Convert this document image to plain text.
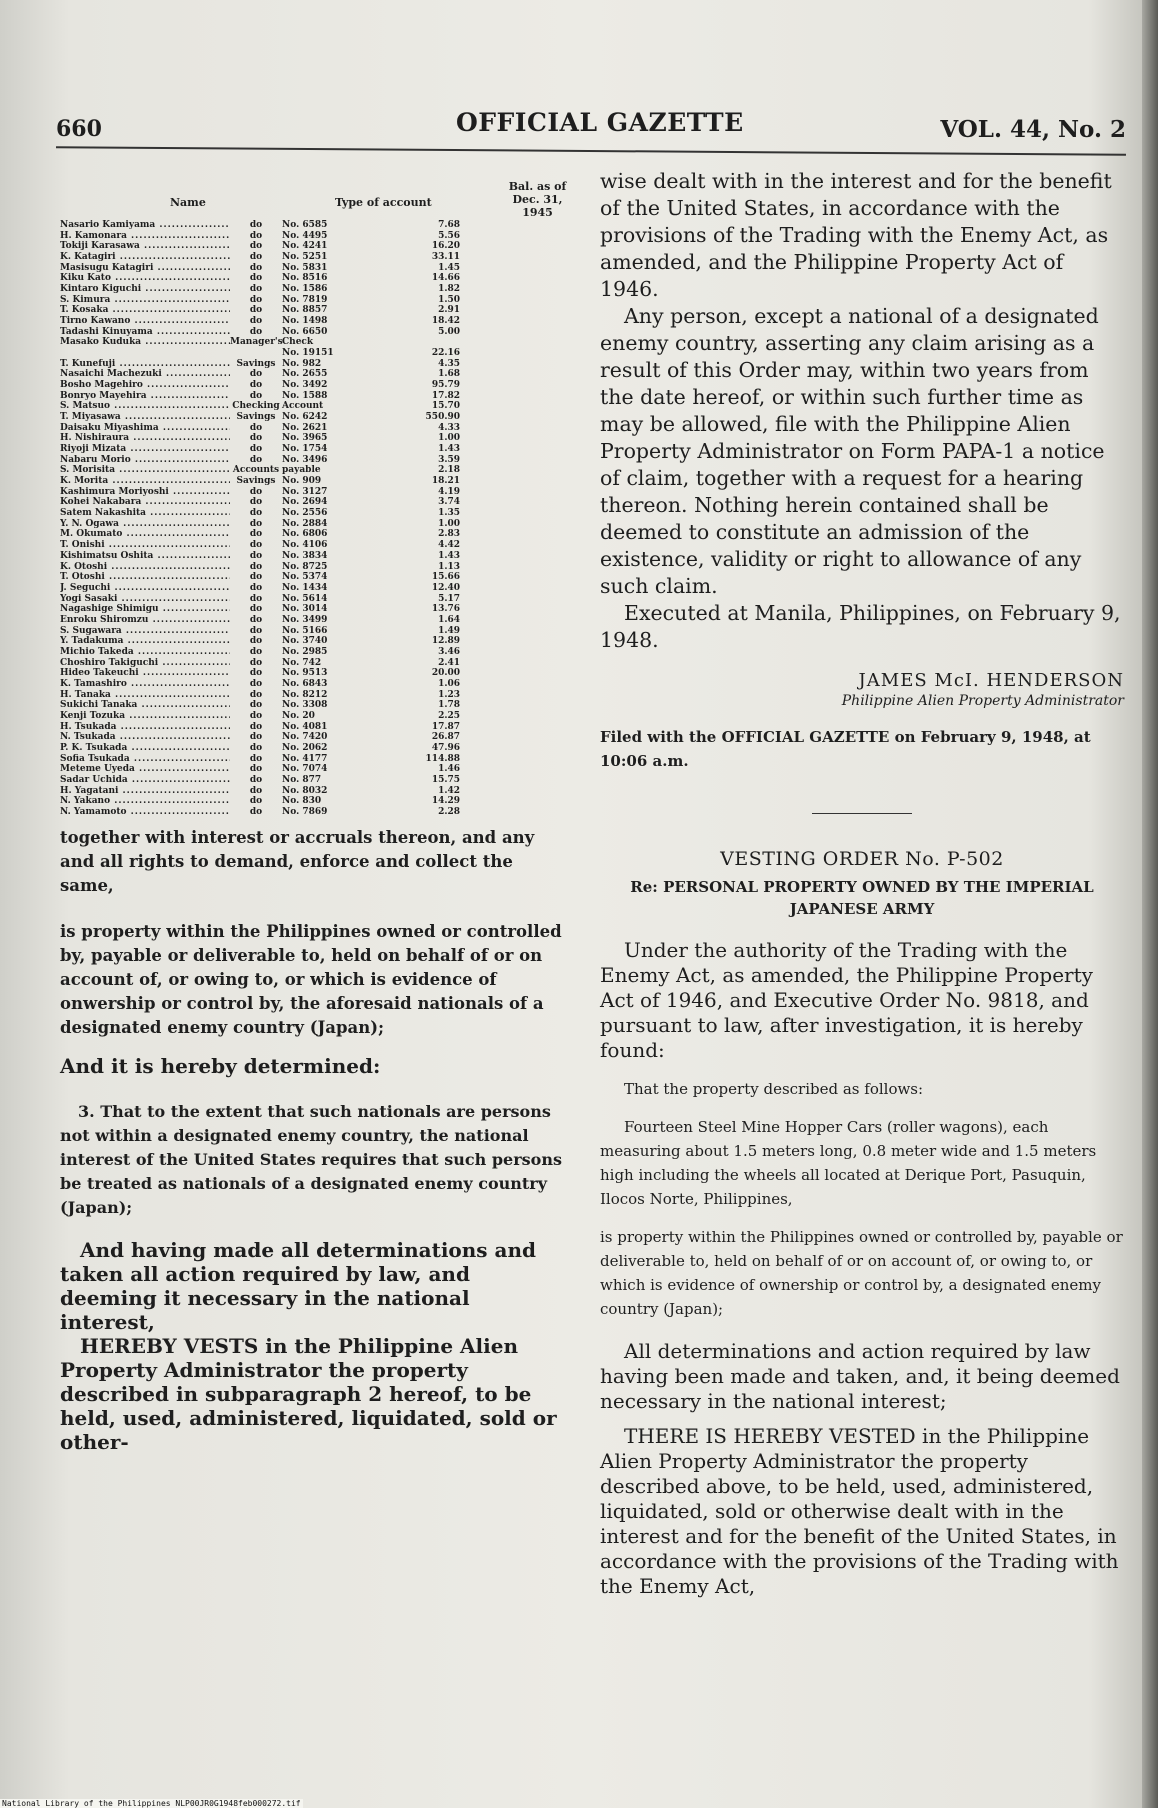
660	OFFICIAL GAZETTE	VOL. 44, No. 2
Name	Type of account
Bal. as of Dec. 31, 1945
Nasario Kamiyama .....	do	No. 6585	7.68
H. Kamonara .....	do	No. 4495	5.56
Tokiji Karasawa .....	do	No. 4241	16.20
K. Katagiri .....	do	No. 5251	33.11
Masisugu Katagiri .....	do	No. 5831	1.45
Kiku Kato .....	do	No. 8516	14.66
Kintaro Kiguchi .....	do	No. 1586	1.82
S. Kimura .....	do	No. 7819	1.50
T. Kosaka .....	do	No. 8857	2.91
Tirno Kawano .....	do	No. 1498	18.42
Tadashi Kinuyama .....	do	No. 6650	5.00
Masako Kuduka .....	Manager's Check
No. 19151	22.16
T. Kunefuji .....	Savings No. 982	4.35
Nasaichi Machezuki .....	do	No. 2655	1.68
Bosho Magehiro .....	do	No. 3492	95.79
Bonryo Mayehira .....	do	No. 1588	17.82
S. Matsuo .....	Checking Account	15.70
T. Miyasawa .....	Savings No. 6242	550.90
Daisaku Miyashima .....	do	No. 2621	4.33
H. Nishiraura .....	do	No. 3965	1.00
Riyoji Mizata .....	do	No. 1754	1.43
Nabaru Morio .....	do	No. 3496	3.59
S. Morisita .....	Accounts payable	2.18
K. Morita .....	Savings No. 909	18.21
Kashimura Moriyoshi .....	do	No. 3127	4.19
Kohei Nakabara .....	do	No. 2694	3.74
Satem Nakashita .....	do	No. 2556	1.35
Y. N. Ogawa .....	do	No. 2884	1.00
M. Okumato .....	do	No. 6806	2.83
T. Onishi .....	do	No. 4106	4.42
Kishimatsu Oshita .....	do	No. 3834	1.43
K. Otoshi .....	do	No. 8725	1.13
T. Otoshi .....	do	No. 5374	15.66
J. Seguchi .....	do	No. 1434	12.40
Yogi Sasaki .....	do	No. 5614	5.17
Nagashige Shimigu .....	do	No. 3014	13.76
Enroku Shiromzu .....	do	No. 3499	1.64
S. Sugawara .....	do	No. 5166	1.49
Y. Tadakuma .....	do	No. 3740	12.89
Michio Takeda .....	do	No. 2985	3.46
Choshiro Takiguchi .....	do	No. 742	2.41
Hideo Takeuchi .....	do	No. 9513	20.00
K. Tamashiro .....	do	No. 6843	1.06
H. Tanaka .....	do	No. 8212	1.23
Sukichi Tanaka .....	do	No. 3308	1.78
Kenji Tozuka .....	do	No. 20	2.25
H. Tsukada .....	do	No. 4081	17.87
N. Tsukada .....	do	No. 7420	26.87
P. K. Tsukada .....	do	No. 2062	47.96
Sofia Tsukada .....	do	No. 4177	114.88
Meteme Uyeda .....	do	No. 7074	1.46
Sadar Uchida .....	do	No. 877	15.75
H. Yagatani .....	do	No. 8032	1.42
N. Yakano .....	do	No. 830	14.29
N. Yamamoto .....	do	No. 7869	2.28

together with interest or accruals thereon, and any and all rights to demand, enforce and collect the same,

is property within the Philippines owned or controlled by, payable or deliverable to, held on behalf of or on account of, or owing to, or which is evidence of onwership or control by, the aforesaid nationals of a designated enemy country (Japan);

And it is hereby determined:

3. That to the extent that such nationals are persons not within a designated enemy country, the national interest of the United States requires that such persons be treated as nationals of a designated enemy country (Japan);

And having made all determinations and taken all action required by law, and deeming it necessary in the national interest,

HEREBY VESTS in the Philippine Alien Property Administrator the property described in subparagraph 2 hereof, to be held, used, administered, liquidated, sold or other-

wise dealt with in the interest and for the benefit of the United States, in accordance with the provisions of the Trading with the Enemy Act, as amended, and the Philippine Property Act of 1946.

Any person, except a national of a designated enemy country, asserting any claim arising as a result of this Order may, within two years from the date hereof, or within such further time as may be allowed, file with the Philippine Alien Property Administrator on Form PAPA-1 a notice of claim, together with a request for a hearing thereon. Nothing herein contained shall be deemed to constitute an admission of the existence, validity or right to allowance of any such claim.

Executed at Manila, Philippines, on February 9, 1948.

JAMES McI. HENDERSON
Philippine Alien Property Administrator

Filed with the OFFICIAL GAZETTE on February 9, 1948, at 10:06 a.m.

VESTING ORDER No. P-502
Re: PERSONAL PROPERTY OWNED BY THE IMPERIAL JAPANESE ARMY

Under the authority of the Trading with the Enemy Act, as amended, the Philippine Property Act of 1946, and Executive Order No. 9818, and pursuant to law, after investigation, it is hereby found:

That the property described as follows:

Fourteen Steel Mine Hopper Cars (roller wagons), each measuring about 1.5 meters long, 0.8 meter wide and 1.5 meters high including the wheels all located at Derique Port, Pasuquin, Ilocos Norte, Philippines,

is property within the Philippines owned or controlled by, payable or deliverable to, held on behalf of or on account of, or owing to, or which is evidence of ownership or control by, a designated enemy country (Japan);

All determinations and action required by law having been made and taken, and, it being deemed necessary in the national interest;

THERE IS HEREBY VESTED in the Philippine Alien Property Administrator the property described above, to be held, used, administered, liquidated, sold or otherwise dealt with in the interest and for the benefit of the United States, in accordance with the provisions of the Trading with the Enemy Act,

National Library of the Philippines NLP00JR0G1948feb000272.tif
